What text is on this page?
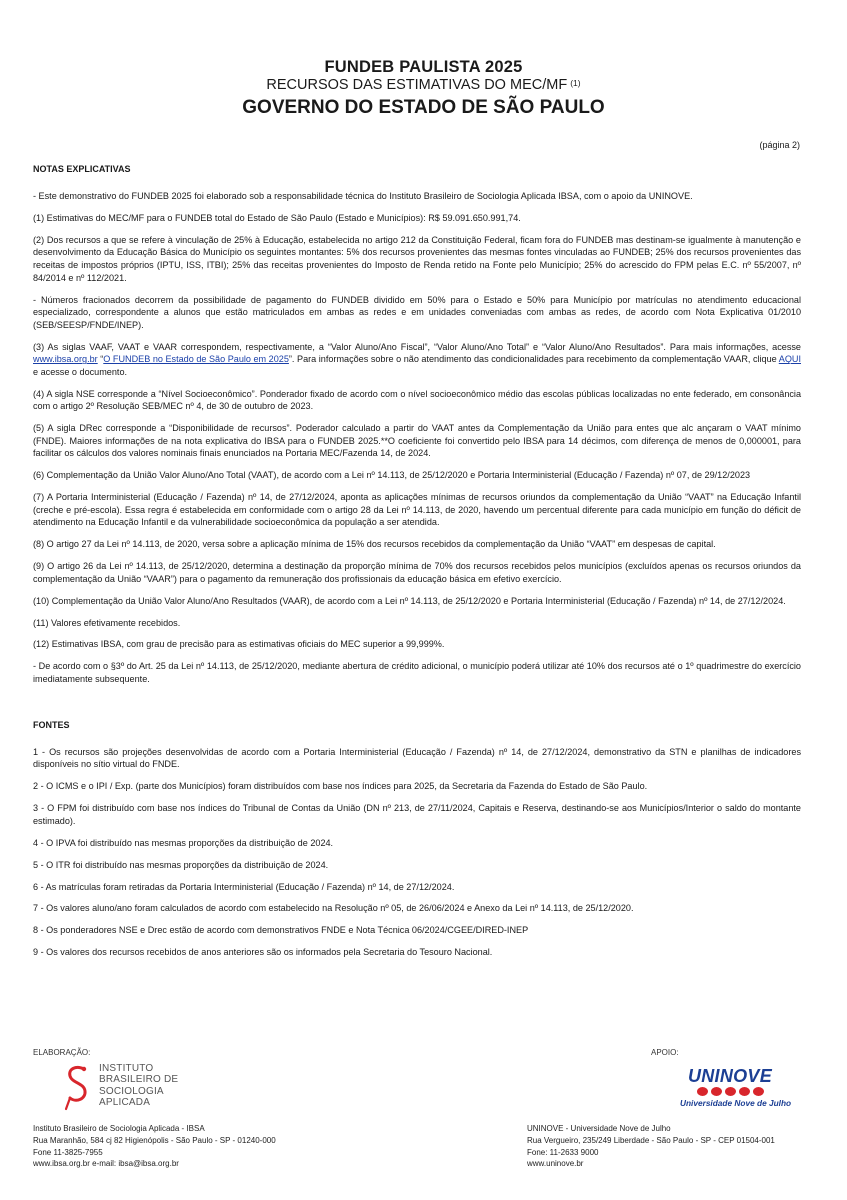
FUNDEB PAULISTA 2025
RECURSOS DAS ESTIMATIVAS DO MEC/MF $^{(1)}$
GOVERNO DO ESTADO DE SÃO PAULO
(página 2)
NOTAS EXPLICATIVAS

- Este demonstrativo do FUNDEB 2025 foi elaborado sob a responsabilidade técnica do Instituto Brasileiro de Sociologia Aplicada IBSA, com o apoio da UNINOVE.

(1) Estimativas do MEC/MF para o FUNDEB total do Estado de São Paulo (Estado e Municípios): R$ 59.091.650.991,74.

(2) Dos recursos a que se refere à vinculação de 25% à Educação, estabelecida no artigo 212 da Constituição Federal, ficam fora do FUNDEB mas destinam-se igualmente à manutenção e desenvolvimento da Educação Básica do Município os seguintes montantes: 5% dos recursos provenientes das mesmas fontes vinculadas ao FUNDEB; 25% dos recursos provenientes das receitas de impostos próprios (IPTU, ISS, ITBI); 25% das receitas provenientes do Imposto de Renda retido na Fonte pelo Município; 25% do acrescido do FPM pelas E.C. nº 55/2007, nº 84/2014 e nº 112/2021.

- Números fracionados decorrem da possibilidade de pagamento do FUNDEB dividido em 50% para o Estado e 50% para Município por matrículas no atendimento educacional especializado, correspondente a alunos que estão matriculados em ambas as redes e em unidades conveniadas com ambas as redes, de acordo com Nota Explicativa 01/2010 (SEB/SEESP/FNDE/INEP).

(3) As siglas VAAF, VAAT e VAAR correspondem, respectivamente, a “Valor Aluno/Ano Fiscal”, “Valor Aluno/Ano Total” e “Valor Aluno/Ano Resultados”. Para mais informações, acesse www.ibsa.org.br “O FUNDEB no Estado de São Paulo em 2025”. Para informações sobre o não atendimento das condicionalidades para recebimento da complementação VAAR, clique AQUI e acesse o documento.

(4) A sigla NSE corresponde a “Nível Socioeconômico”. Ponderador fixado de acordo com o nível socioeconômico médio das escolas públicas localizadas no ente federado, em consonância com o artigo 2º Resolução SEB/MEC nº 4, de 30 de outubro de 2023.

(5) A sigla DRec corresponde a “Disponibilidade de recursos”. Poderador calculado a partir do VAAT antes da Complementação da União para entes que alc ançaram o VAAT mínimo (FNDE). Maiores informações de na nota explicativa do IBSA para o FUNDEB 2025.**O coeficiente foi convertido pelo IBSA para 14 décimos, com diferença de menos de 0,000001, para facilitar os cálculos dos valores nominais finais enunciados na Portaria MEC/Fazenda 14, de 2024.

(6) Complementação da União Valor Aluno/Ano Total (VAAT), de acordo com a Lei nº 14.113, de 25/12/2020 e Portaria Interministerial (Educação / Fazenda) nº 07, de 29/12/2023

(7) A Portaria Interministerial (Educação / Fazenda) nº 14, de 27/12/2024, aponta as aplicações mínimas de recursos oriundos da complementação da União “VAAT” na Educação Infantil (creche e pré-escola). Essa regra é estabelecida em conformidade com o artigo 28 da Lei nº 14.113, de 2020, havendo um percentual diferente para cada município em função do déficit de atendimento na Educação Infantil e da vulnerabilidade socioeconômica da população a ser atendida.

(8) O artigo 27 da Lei nº 14.113, de 2020, versa sobre a aplicação mínima de 15% dos recursos recebidos da complementação da União “VAAT” em despesas de capital.

(9) O artigo 26 da Lei nº 14.113, de 25/12/2020, determina a destinação da proporção mínima de 70% dos recursos recebidos pelos municípios (excluídos apenas os recursos oriundos da complementação da União “VAAR”) para o pagamento da remuneração dos profissionais da educação básica em efetivo exercício.

(10) Complementação da União Valor Aluno/Ano Resultados (VAAR), de acordo com a Lei nº 14.113, de 25/12/2020 e Portaria Interministerial (Educação / Fazenda) nº 14, de 27/12/2024.

(11) Valores efetivamente recebidos.

(12) Estimativas IBSA, com grau de precisão para as estimativas oficiais do MEC superior a 99,999%.

- De acordo com o §3º do Art. 25 da Lei nº 14.113, de 25/12/2020, mediante abertura de crédito adicional, o município poderá utilizar até 10% dos recursos até o 1º quadrimestre do exercício imediatamente subsequente.

FONTES

1 - Os recursos são projeções desenvolvidas de acordo com a Portaria Interministerial (Educação / Fazenda) nº 14, de 27/12/2024, demonstrativo da STN e planilhas de indicadores disponíveis no sítio virtual do FNDE.

2 - O ICMS e o IPI / Exp. (parte dos Municípios) foram distribuídos com base nos índices para 2025, da Secretaria da Fazenda do Estado de São Paulo.

3 - O FPM foi distribuído com base nos índices do Tribunal de Contas da União (DN nº 213, de 27/11/2024, Capitais e Reserva, destinando-se aos Municípios/Interior o saldo do montante estimado).

4 - O IPVA foi distribuído nas mesmas proporções da distribuição de 2024.

5 - O ITR foi distribuído nas mesmas proporções da distribuição de 2024.

6 - As matrículas foram retiradas da Portaria Interministerial (Educação / Fazenda) nº 14, de 27/12/2024.

7 - Os valores aluno/ano foram calculados de acordo com estabelecido na Resolução nº 05, de 26/06/2024 e Anexo da Lei nº 14.113, de 25/12/2020.

8 - Os ponderadores NSE e Drec estão de acordo com demonstrativos FNDE e Nota Técnica 06/2024/CGEE/DIRED-INEP

9 - Os valores dos recursos recebidos de anos anteriores são os informados pela Secretaria do Tesouro Nacional.

ELABORAÇÃO:	APOIO:
INSTITUTO
BRASILEIRO DE
SOCIOLOGIA
APLICADA
UNINOVE
Universidade Nove de Julho
Instituto Brasileiro de Sociologia Aplicada - IBSA
Rua Maranhão, 584 cj 82 Higienópolis - São Paulo - SP - 01240-000
Fone 11-3825-7955
www.ibsa.org.br e-mail: ibsa@ibsa.org.br
UNINOVE - Universidade Nove de Julho
Rua Vergueiro, 235/249 Liberdade - São Paulo - SP - CEP 01504-001
Fone: 11-2633 9000
www.uninove.br
